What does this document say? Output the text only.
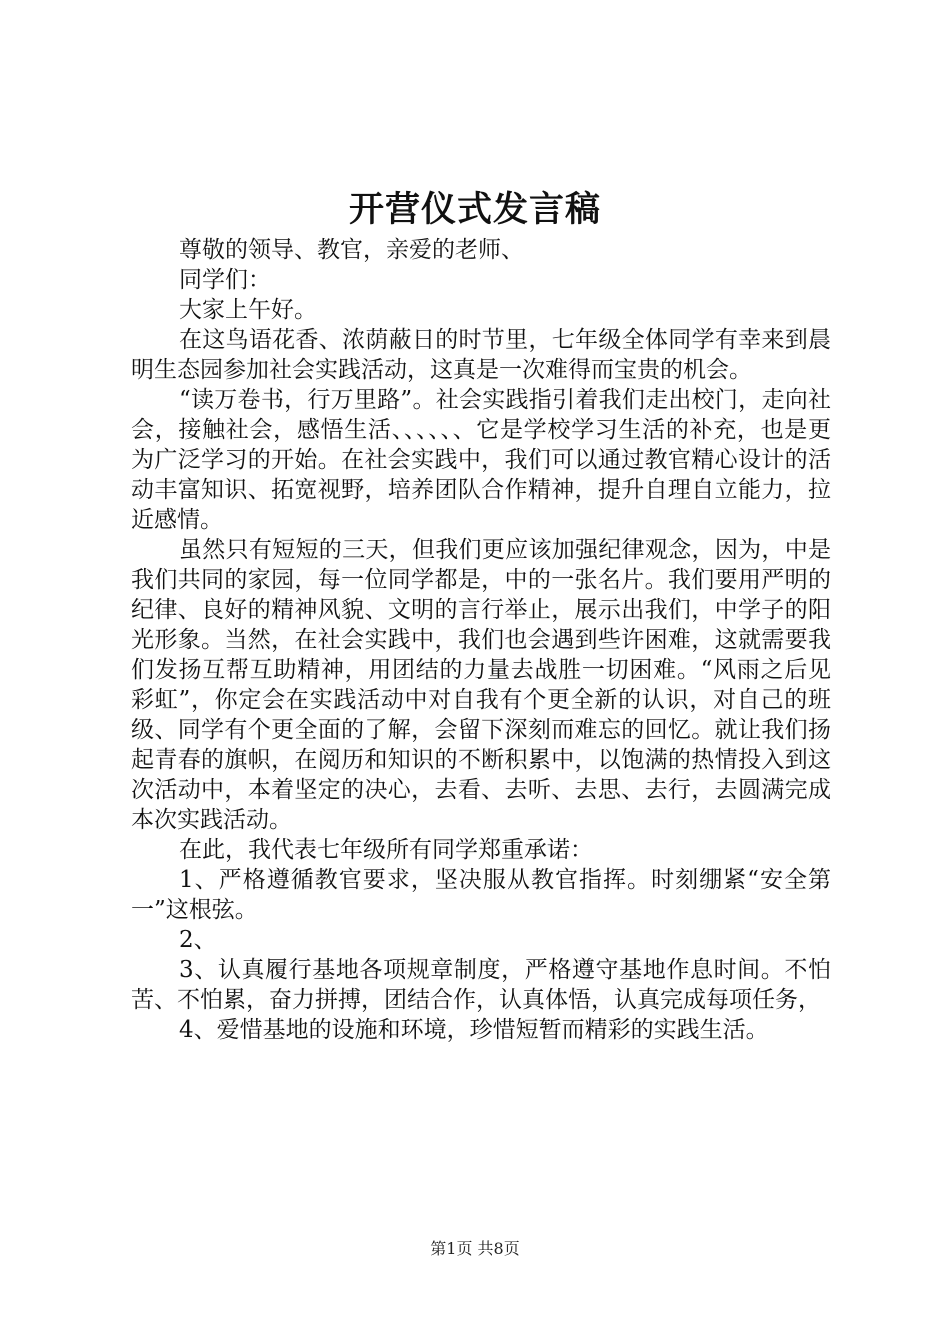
开营仪式发言稿

尊敬的领导、教官，亲爱的老师、

同学们：

大家上午好。

在这鸟语花香、浓荫蔽日的时节里，七年级全体同学有幸来到晨明生态园参加社会实践活动，这真是一次难得而宝贵的机会。

“读万卷书，行万里路”。社会实践指引着我们走出校门，走向社会，接触社会，感悟生活、、、、、、它是学校学习生活的补充，也是更为广泛学习的开始。在社会实践中，我们可以通过教官精心设计的活动丰富知识、拓宽视野，培养团队合作精神，提升自理自立能力，拉近感情。

虽然只有短短的三天，但我们更应该加强纪律观念，因为，中是我们共同的家园，每一位同学都是，中的一张名片。我们要用严明的纪律、良好的精神风貌、文明的言行举止，展示出我们，中学子的阳光形象。当然，在社会实践中，我们也会遇到些许困难，这就需要我们发扬互帮互助精神，用团结的力量去战胜一切困难。“风雨之后见彩虹”，你定会在实践活动中对自我有个更全新的认识，对自己的班级、同学有个更全面的了解，会留下深刻而难忘的回忆。就让我们扬起青春的旗帜，在阅历和知识的不断积累中，以饱满的热情投入到这次活动中，本着坚定的决心，去看、去听、去思、去行，去圆满完成本次实践活动。

在此，我代表七年级所有同学郑重承诺：

1、严格遵循教官要求，坚决服从教官指挥。时刻绷紧“安全第一”这根弦。

2、

3、认真履行基地各项规章制度，严格遵守基地作息时间。不怕苦、不怕累，奋力拼搏，团结合作，认真体悟，认真完成每项任务，

4、爱惜基地的设施和环境，珍惜短暂而精彩的实践生活。

第1页 共8页
